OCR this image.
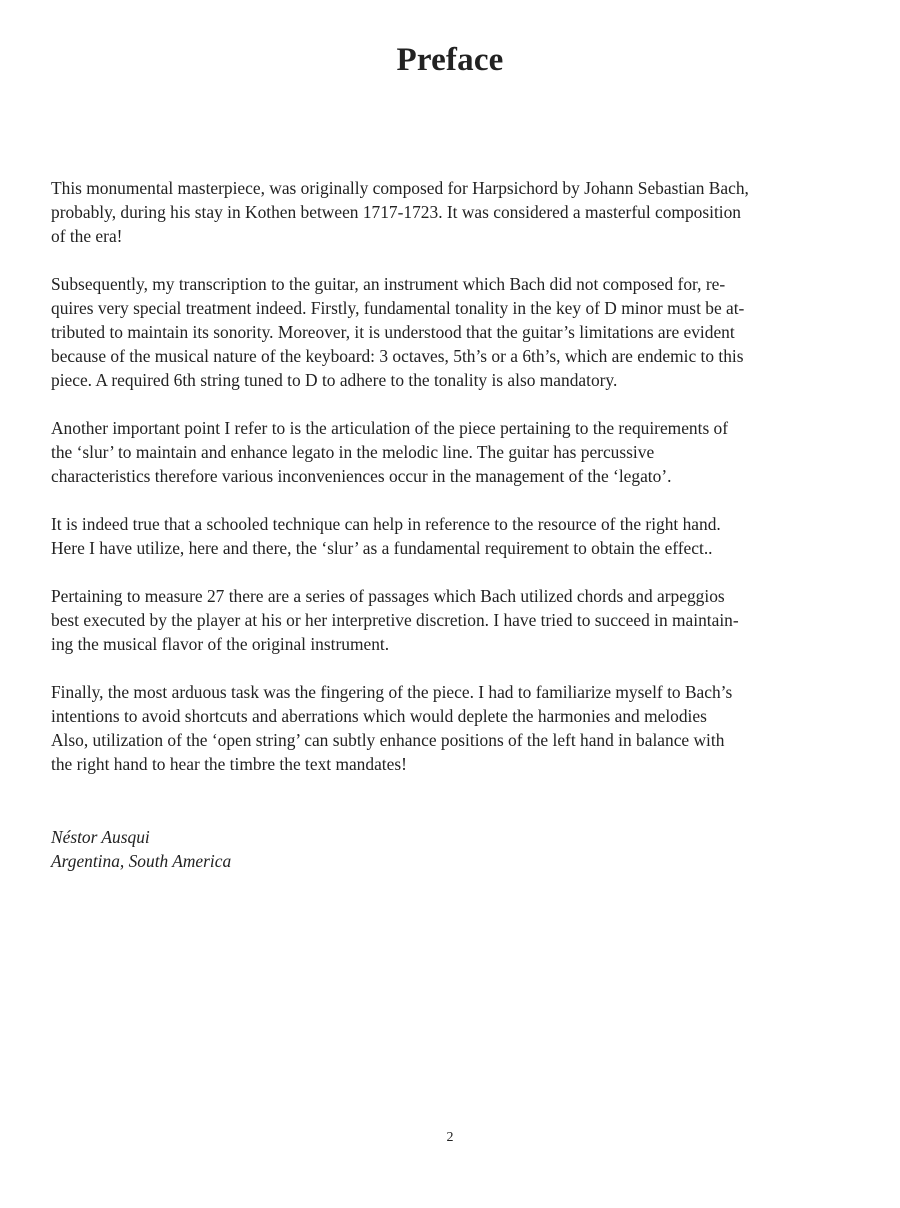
Preface

This monumental masterpiece, was originally composed for Harpsichord by Johann Sebastian Bach,
probably, during his stay in Kothen between 1717-1723. It was considered a masterful composition
of the era!

Subsequently, my transcription to the guitar, an instrument which Bach did not composed for, re-
quires very special treatment indeed. Firstly, fundamental tonality in the key of D minor must be at-
tributed to maintain its sonority. Moreover, it is understood that the guitar’s limitations are evident
because of the musical nature of the keyboard: 3 octaves, 5th’s or a 6th’s, which are endemic to this
piece. A required 6th string tuned to D to adhere to the tonality is also mandatory.

Another important point I refer to is the articulation of the piece pertaining to the requirements of
the ‘slur’ to maintain and enhance legato in the melodic line. The guitar has percussive
characteristics therefore various inconveniences occur in the management of the ‘legato’.

It is indeed true that a schooled technique can help in reference to the resource of the right hand.
Here I have utilize, here and there, the ‘slur’ as a fundamental requirement to obtain the effect..

Pertaining to measure 27 there are a series of passages which Bach utilized chords and arpeggios
best executed by the player at his or her interpretive discretion. I have tried to succeed in maintain-
ing the musical flavor of the original instrument.

Finally, the most arduous task was the fingering of the piece. I had to familiarize myself to Bach’s
intentions to avoid shortcuts and aberrations which would deplete the harmonies and melodies
Also, utilization of the ‘open string’ can subtly enhance positions of the left hand in balance with
the right hand to hear the timbre the text mandates!

Néstor Ausqui
Argentina, South America
2
